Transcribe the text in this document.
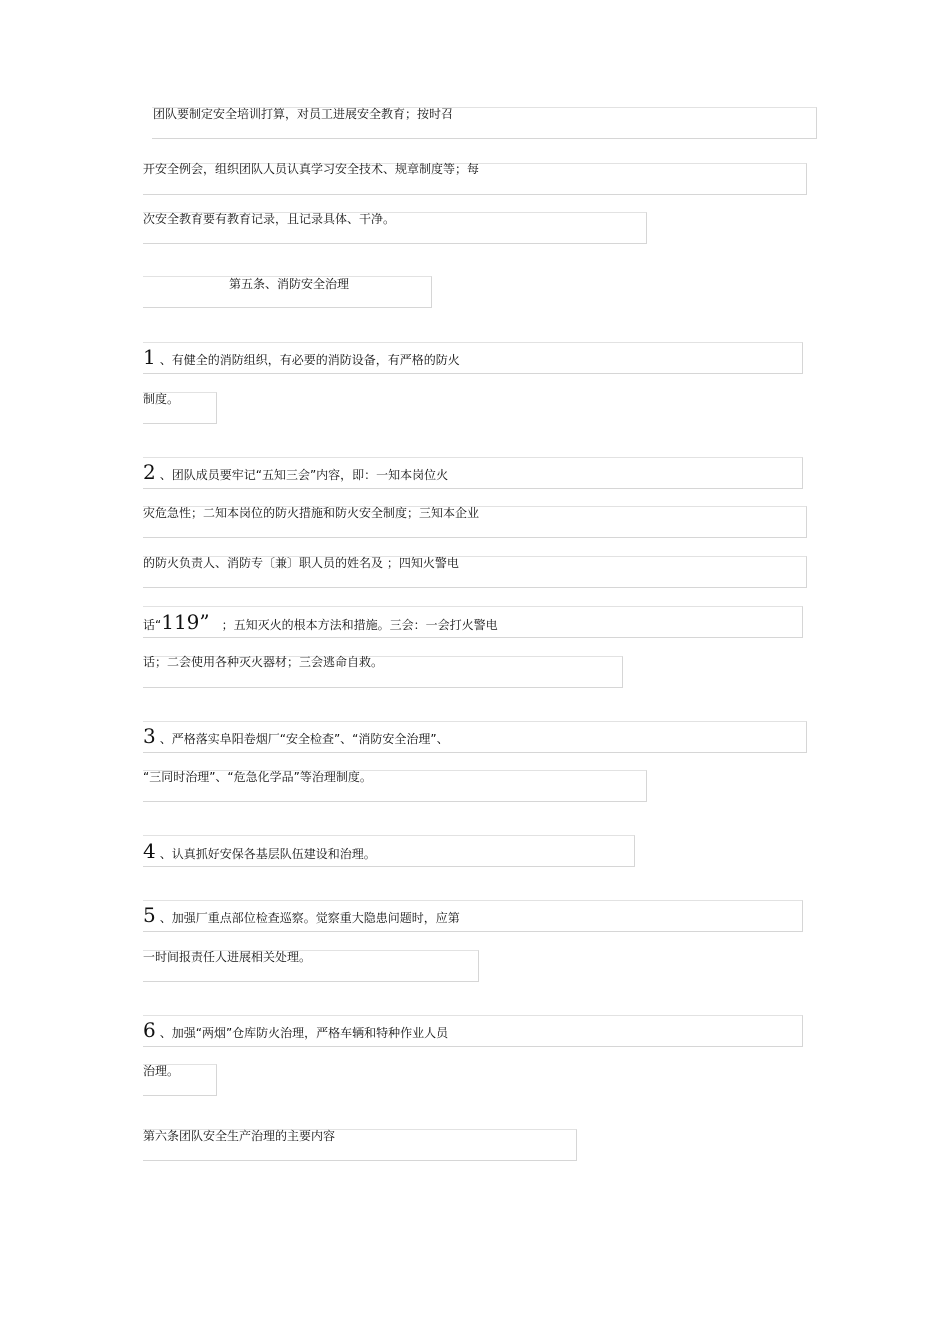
团队要制定安全培训打算，对员工进展安全教育；按时召
开安全例会，组织团队人员认真学习安全技术、规章制度等；每
次安全教育要有教育记录，且记录具体、干净。
第五条、消防安全治理
1 、有健全的消防组织，有必要的消防设备，有严格的防火
制度。
2 、团队成员要牢记“五知三会”内容，即：一知本岗位火
灾危急性；二知本岗位的防火措施和防火安全制度；三知本企业
的防火负责人、消防专〔兼〕职人员的姓名及 ；四知火警电
话“119” ；五知灭火的根本方法和措施。三会：一会打火警电
话；二会使用各种灭火器材；三会逃命自救。
3 、严格落实阜阳卷烟厂“安全检查”、“消防安全治理”、
“三同时治理”、“危急化学品”等治理制度。
4 、认真抓好安保各基层队伍建设和治理。
5 、加强厂重点部位检查巡察。觉察重大隐患问题时，应第
一时间报责任人进展相关处理。
6 、加强“两烟”仓库防火治理，严格车辆和特种作业人员
治理。
第六条团队安全生产治理的主要内容
